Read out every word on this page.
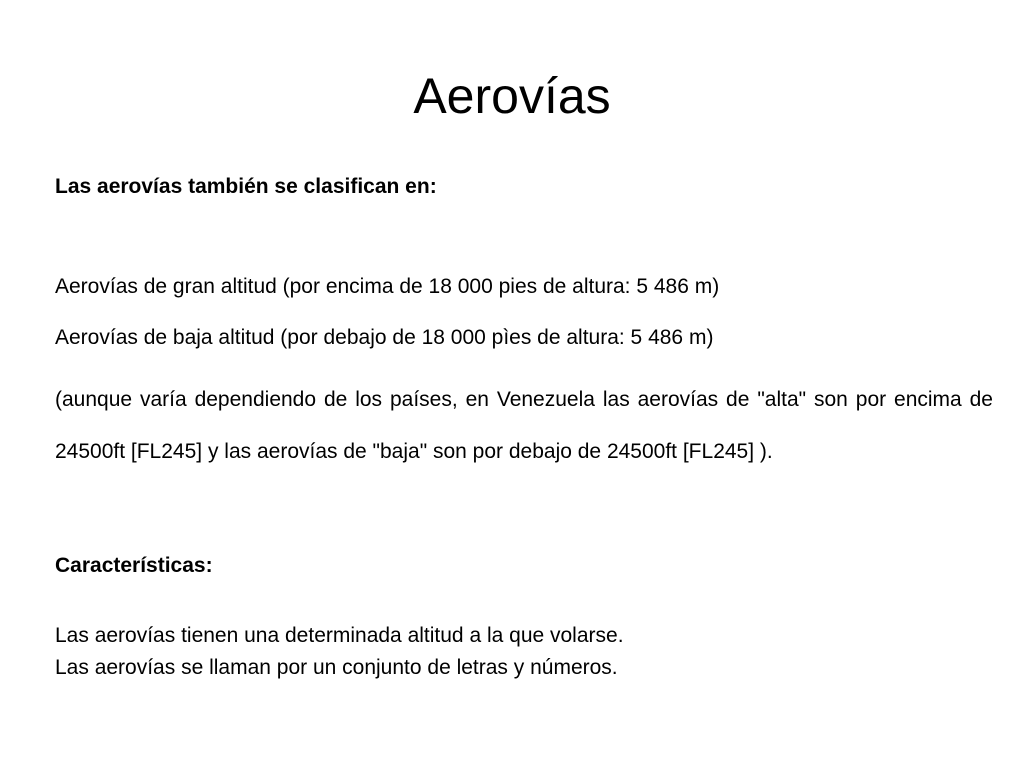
Aerovías
Las aerovías también se clasifican en:
Aerovías de gran altitud (por encima de 18 000 pies de altura: 5 486 m)
Aerovías de baja altitud (por debajo de 18 000 pìes de altura: 5 486 m)
(aunque varía dependiendo de los países, en Venezuela las aerovías de "alta" son por encima de 24500ft [FL245] y las aerovías de "baja" son por debajo de 24500ft [FL245] ).
Características:
Las aerovías tienen una determinada altitud a la que volarse.
Las aerovías se llaman por un conjunto de letras y números.
